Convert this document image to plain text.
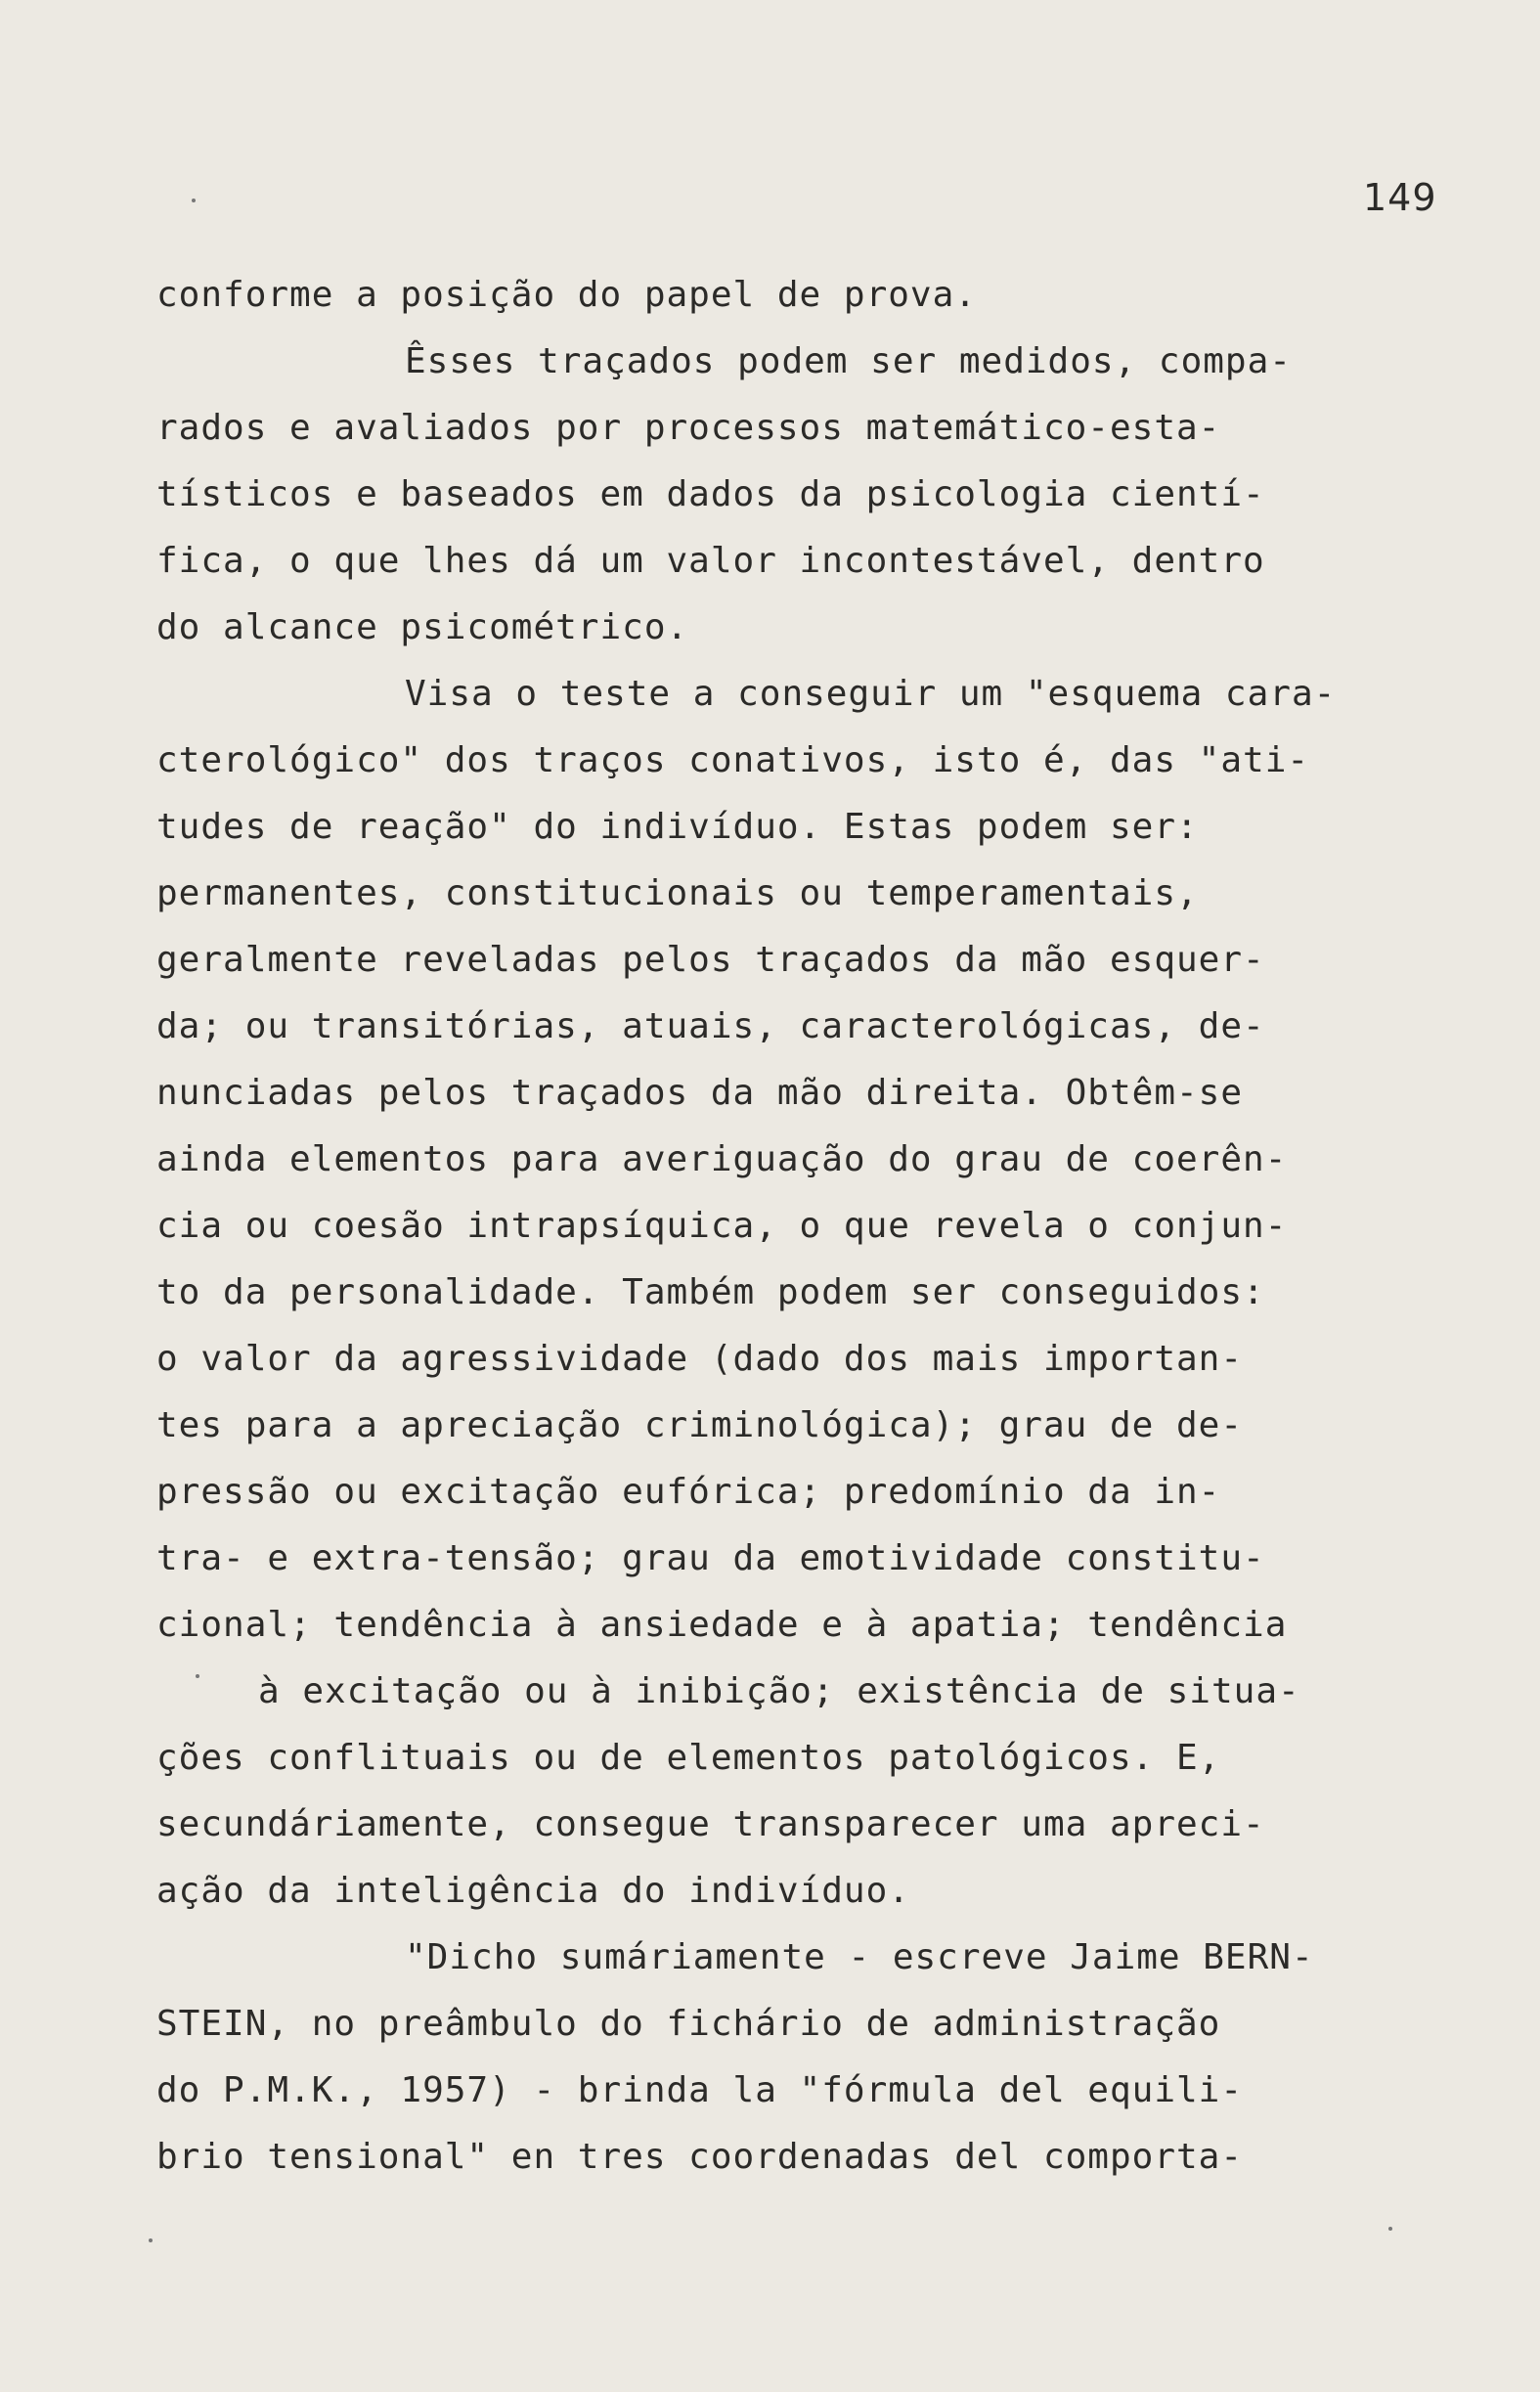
149
conforme a posição do papel de prova.
Êsses traçados podem ser medidos, compa-
rados e avaliados por processos matemático-esta-
tísticos e baseados em dados da psicologia cientí-
fica, o que lhes dá um valor incontestável, dentro
do alcance psicométrico.
Visa o teste a conseguir um "esquema cara-
cterológico" dos traços conativos, isto é, das "ati-
tudes de reação" do indivíduo. Estas podem ser:
permanentes, constitucionais ou temperamentais,
geralmente reveladas pelos traçados da mão esquer-
da; ou transitórias, atuais, caracterológicas, de-
nunciadas pelos traçados da mão direita. Obtêm-se
ainda elementos para averiguação do grau de coerên-
cia ou coesão intrapsíquica, o que revela o conjun-
to da personalidade. Também podem ser conseguidos:
o valor da agressividade (dado dos mais importan-
tes para a apreciação criminológica); grau de de-
pressão ou excitação eufórica; predomínio da in-
tra- e extra-tensão; grau da emotividade constitu-
cional; tendência à ansiedade e à apatia; tendência
à excitação ou à inibição; existência de situa-
ções conflituais ou de elementos patológicos. E,
secundáriamente, consegue transparecer uma apreci-
ação da inteligência do indivíduo.
"Dicho sumáriamente - escreve Jaime BERN-
STEIN, no preâmbulo do fichário de administração
do P.M.K., 1957) - brinda la "fórmula del equili-
brio tensional" en tres coordenadas del comporta-
